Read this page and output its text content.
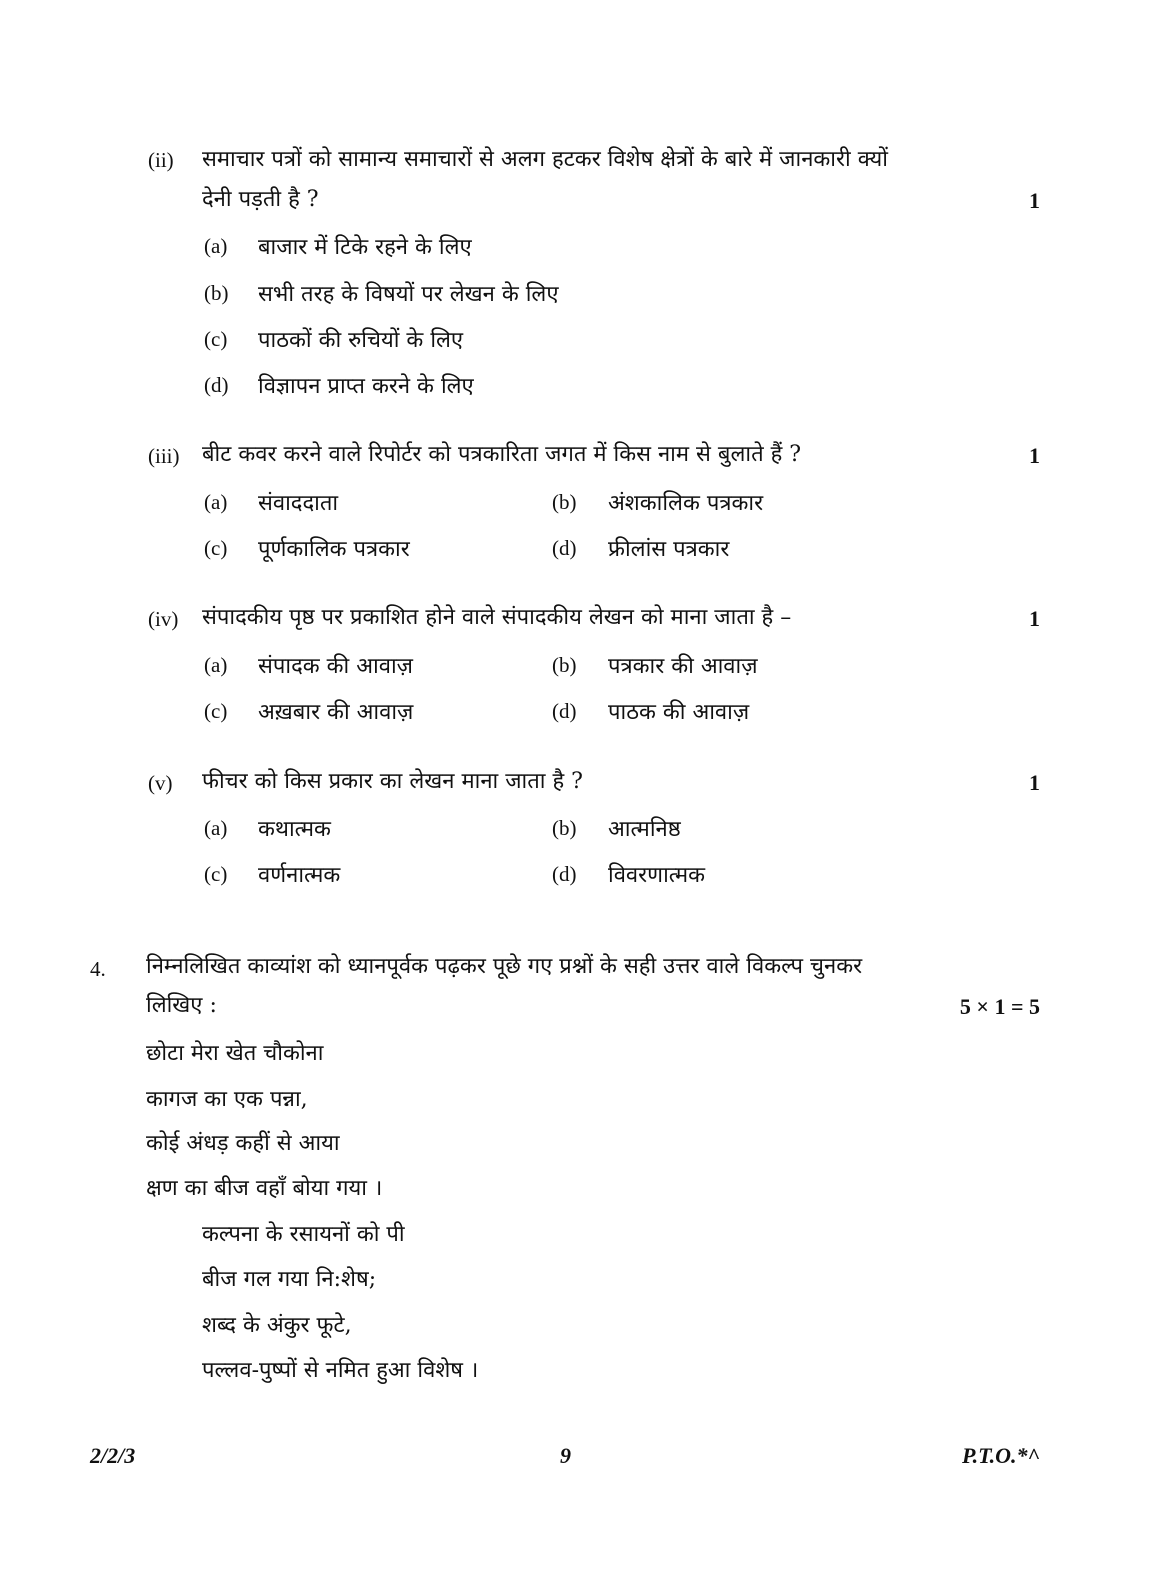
(ii) समाचार पत्रों को सामान्य समाचारों से अलग हटकर विशेष क्षेत्रों के बारे में जानकारी क्यों
देनी पड़ती है ?	1
(a) बाजार में टिके रहने के लिए
(b) सभी तरह के विषयों पर लेखन के लिए
(c) पाठकों की रुचियों के लिए
(d) विज्ञापन प्राप्त करने के लिए
(iii) बीट कवर करने वाले रिपोर्टर को पत्रकारिता जगत में किस नाम से बुलाते हैं ?	1
(a) संवाददाता	(b) अंशकालिक पत्रकार
(c) पूर्णकालिक पत्रकार	(d) फ्रीलांस पत्रकार
(iv) संपादकीय पृष्ठ पर प्रकाशित होने वाले संपादकीय लेखन को माना जाता है –	1
(a) संपादक की आवाज़	(b) पत्रकार की आवाज़
(c) अख़बार की आवाज़	(d) पाठक की आवाज़
(v) फीचर को किस प्रकार का लेखन माना जाता है ?	1
(a) कथात्मक	(b) आत्मनिष्ठ
(c) वर्णनात्मक	(d) विवरणात्मक
4. निम्नलिखित काव्यांश को ध्यानपूर्वक पढ़कर पूछे गए प्रश्नों के सही उत्तर वाले विकल्प चुनकर
लिखिए :	5 × 1 = 5
छोटा मेरा खेत चौकोना
कागज का एक पन्ना,
कोई अंधड़ कहीं से आया
क्षण का बीज वहाँ बोया गया ।
कल्पना के रसायनों को पी
बीज गल गया नि:शेष;
शब्द के अंकुर फूटे,
पल्लव-पुष्पों से नमित हुआ विशेष ।
2/2/3	9	P.T.O.*^
